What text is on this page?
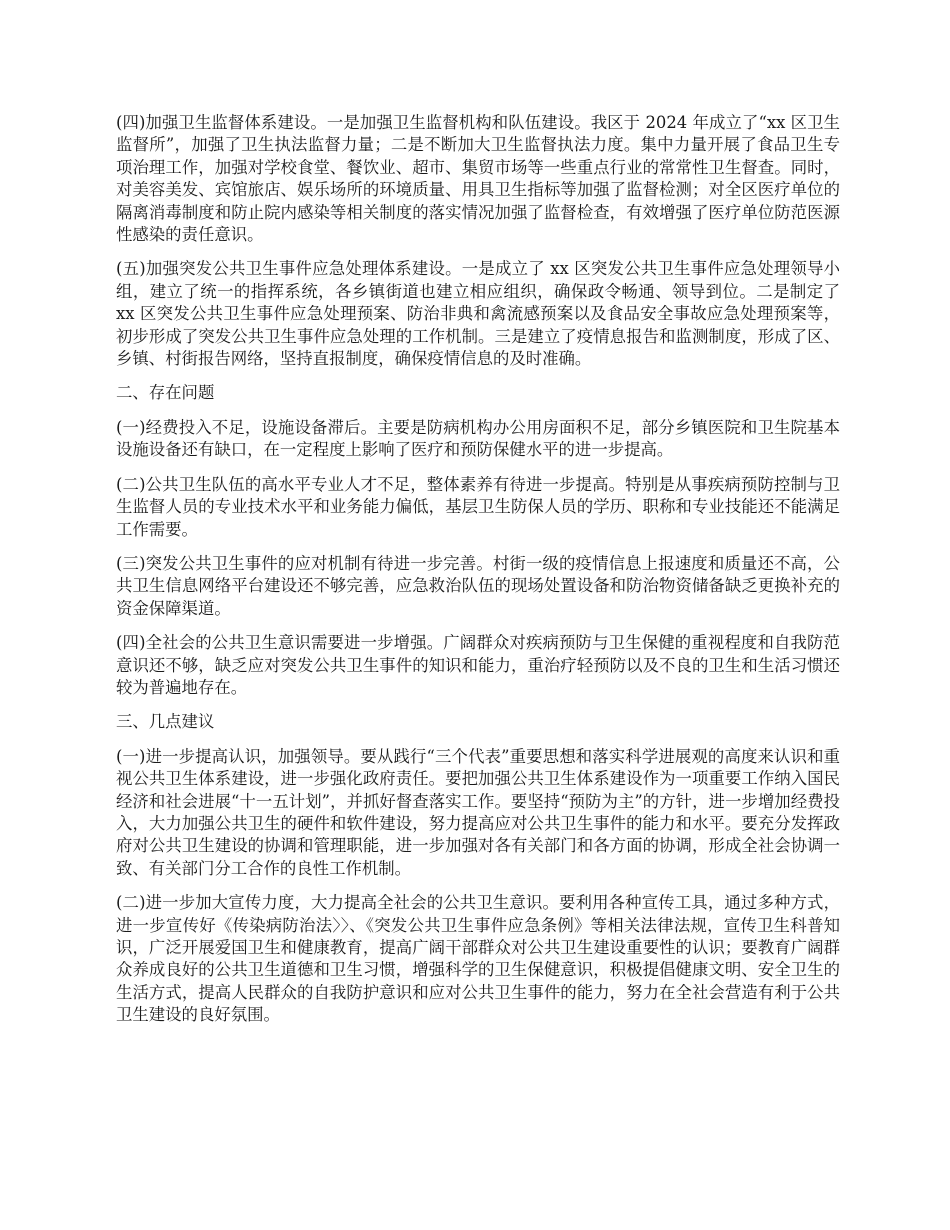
(四)加强卫生监督体系建设。一是加强卫生监督机构和队伍建设。我区于 2024 年成立了“xx 区卫生监督所”，加强了卫生执法监督力量；二是不断加大卫生监督执法力度。集中力量开展了食品卫生专项治理工作，加强对学校食堂、餐饮业、超市、集贸市场等一些重点行业的常常性卫生督查。同时，对美容美发、宾馆旅店、娱乐场所的环境质量、用具卫生指标等加强了监督检测；对全区医疗单位的隔离消毒制度和防止院内感染等相关制度的落实情况加强了监督检查，有效增强了医疗单位防范医源性感染的责任意识。

(五)加强突发公共卫生事件应急处理体系建设。一是成立了 xx 区突发公共卫生事件应急处理领导小组，建立了统一的指挥系统，各乡镇街道也建立相应组织，确保政令畅通、领导到位。二是制定了 xx 区突发公共卫生事件应急处理预案、防治非典和禽流感预案以及食品安全事故应急处理预案等，初步形成了突发公共卫生事件应急处理的工作机制。三是建立了疫情息报告和监测制度，形成了区、乡镇、村街报告网络，坚持直报制度，确保疫情信息的及时准确。

二、存在问题

(一)经费投入不足，设施设备滞后。主要是防病机构办公用房面积不足，部分乡镇医院和卫生院基本设施设备还有缺口，在一定程度上影响了医疗和预防保健水平的进一步提高。

(二)公共卫生队伍的高水平专业人才不足，整体素养有待进一步提高。特别是从事疾病预防控制与卫生监督人员的专业技术水平和业务能力偏低，基层卫生防保人员的学历、职称和专业技能还不能满足工作需要。

(三)突发公共卫生事件的应对机制有待进一步完善。村街一级的疫情信息上报速度和质量还不高，公共卫生信息网络平台建设还不够完善，应急救治队伍的现场处置设备和防治物资储备缺乏更换补充的资金保障渠道。

(四)全社会的公共卫生意识需要进一步增强。广阔群众对疾病预防与卫生保健的重视程度和自我防范意识还不够，缺乏应对突发公共卫生事件的知识和能力，重治疗轻预防以及不良的卫生和生活习惯还较为普遍地存在。

三、几点建议

(一)进一步提高认识，加强领导。要从践行“三个代表”重要思想和落实科学进展观的高度来认识和重视公共卫生体系建设，进一步强化政府责任。要把加强公共卫生体系建设作为一项重要工作纳入国民经济和社会进展“十一五计划”，并抓好督查落实工作。要坚持“预防为主”的方针，进一步增加经费投入，大力加强公共卫生的硬件和软件建设，努力提高应对公共卫生事件的能力和水平。要充分发挥政府对公共卫生建设的协调和管理职能，进一步加强对各有关部门和各方面的协调，形成全社会协调一致、有关部门分工合作的良性工作机制。

(二)进一步加大宣传力度，大力提高全社会的公共卫生意识。要利用各种宣传工具，通过多种方式，进一步宣传好《传染病防治法〉〉、《突发公共卫生事件应急条例》等相关法律法规，宣传卫生科普知识，广泛开展爱国卫生和健康教育，提高广阔干部群众对公共卫生建设重要性的认识；要教育广阔群众养成良好的公共卫生道德和卫生习惯，增强科学的卫生保健意识，积极提倡健康文明、安全卫生的生活方式，提高人民群众的自我防护意识和应对公共卫生事件的能力，努力在全社会营造有利于公共卫生建设的良好氛围。
